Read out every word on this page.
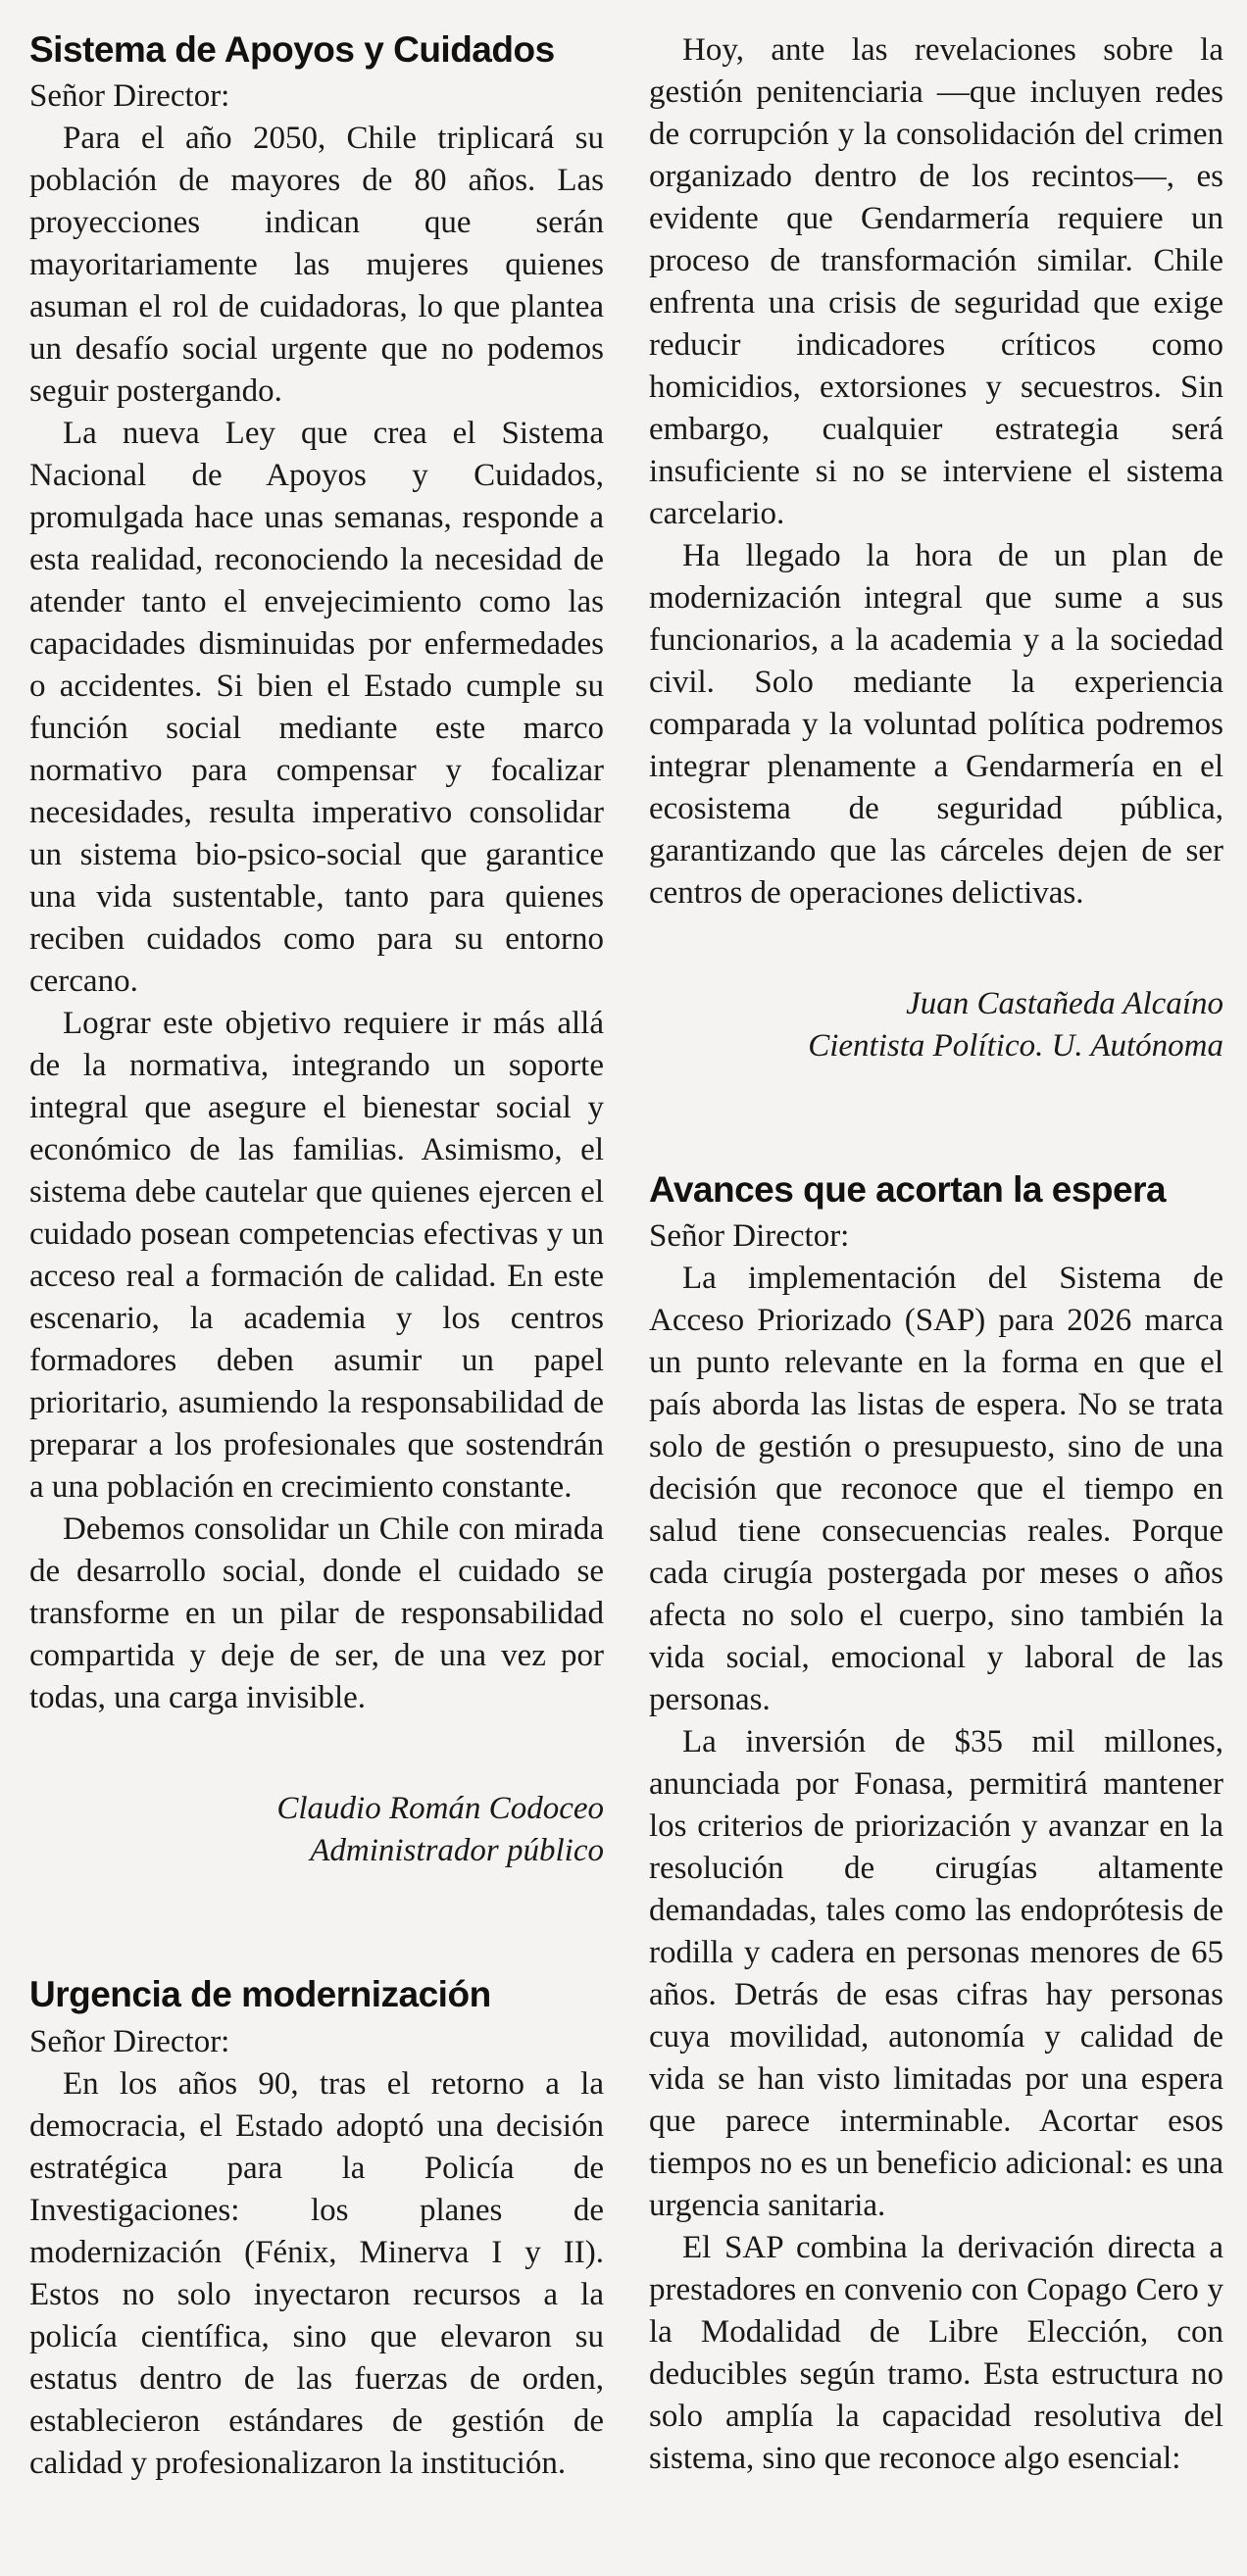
Sistema de Apoyos y Cuidados

Señor Director:

Para el año 2050, Chile triplicará su población de mayores de 80 años. Las proyecciones indican que serán mayoritariamente las mujeres quienes asuman el rol de cuidadoras, lo que plantea un desafío social urgente que no podemos seguir postergando.

La nueva Ley que crea el Sistema Nacional de Apoyos y Cuidados, promulgada hace unas semanas, responde a esta realidad, reconociendo la necesidad de atender tanto el envejecimiento como las capacidades disminuidas por enfermedades o accidentes. Si bien el Estado cumple su función social mediante este marco normativo para compensar y focalizar necesidades, resulta imperativo consolidar un sistema bio-psico-social que garantice una vida sustentable, tanto para quienes reciben cuidados como para su entorno cercano.

Lograr este objetivo requiere ir más allá de la normativa, integrando un soporte integral que asegure el bienestar social y económico de las familias. Asimismo, el sistema debe cautelar que quienes ejercen el cuidado posean competencias efectivas y un acceso real a formación de calidad. En este escenario, la academia y los centros formadores deben asumir un papel prioritario, asumiendo la responsabilidad de preparar a los profesionales que sostendrán a una población en crecimiento constante.

Debemos consolidar un Chile con mirada de desarrollo social, donde el cuidado se transforme en un pilar de responsabilidad compartida y deje de ser, de una vez por todas, una carga invisible.

Claudio Román Codoceo
Administrador público
Urgencia de modernización

Señor Director:

En los años 90, tras el retorno a la democracia, el Estado adoptó una decisión estratégica para la Policía de Investigaciones: los planes de modernización (Fénix, Minerva I y II). Estos no solo inyectaron recursos a la policía científica, sino que elevaron su estatus dentro de las fuerzas de orden, establecieron estándares de gestión de calidad y profesionalizaron la institución.

Hoy, ante las revelaciones sobre la gestión penitenciaria —que incluyen redes de corrupción y la consolidación del crimen organizado dentro de los recintos—, es evidente que Gendarmería requiere un proceso de transformación similar. Chile enfrenta una crisis de seguridad que exige reducir indicadores críticos como homicidios, extorsiones y secuestros. Sin embargo, cualquier estrategia será insuficiente si no se interviene el sistema carcelario.

Ha llegado la hora de un plan de modernización integral que sume a sus funcionarios, a la academia y a la sociedad civil. Solo mediante la experiencia comparada y la voluntad política podremos integrar plenamente a Gendarmería en el ecosistema de seguridad pública, garantizando que las cárceles dejen de ser centros de operaciones delictivas.

Juan Castañeda Alcaíno
Cientista Político. U. Autónoma
Avances que acortan la espera

Señor Director:

La implementación del Sistema de Acceso Priorizado (SAP) para 2026 marca un punto relevante en la forma en que el país aborda las listas de espera. No se trata solo de gestión o presupuesto, sino de una decisión que reconoce que el tiempo en salud tiene consecuencias reales. Porque cada cirugía postergada por meses o años afecta no solo el cuerpo, sino también la vida social, emocional y laboral de las personas.

La inversión de $35 mil millones, anunciada por Fonasa, permitirá mantener los criterios de priorización y avanzar en la resolución de cirugías altamente demandadas, tales como las endoprótesis de rodilla y cadera en personas menores de 65 años. Detrás de esas cifras hay personas cuya movilidad, autonomía y calidad de vida se han visto limitadas por una espera que parece interminable. Acortar esos tiempos no es un beneficio adicional: es una urgencia sanitaria.

El SAP combina la derivación directa a prestadores en convenio con Copago Cero y la Modalidad de Libre Elección, con deducibles según tramo. Esta estructura no solo amplía la capacidad resolutiva del sistema, sino que reconoce algo esencial:
